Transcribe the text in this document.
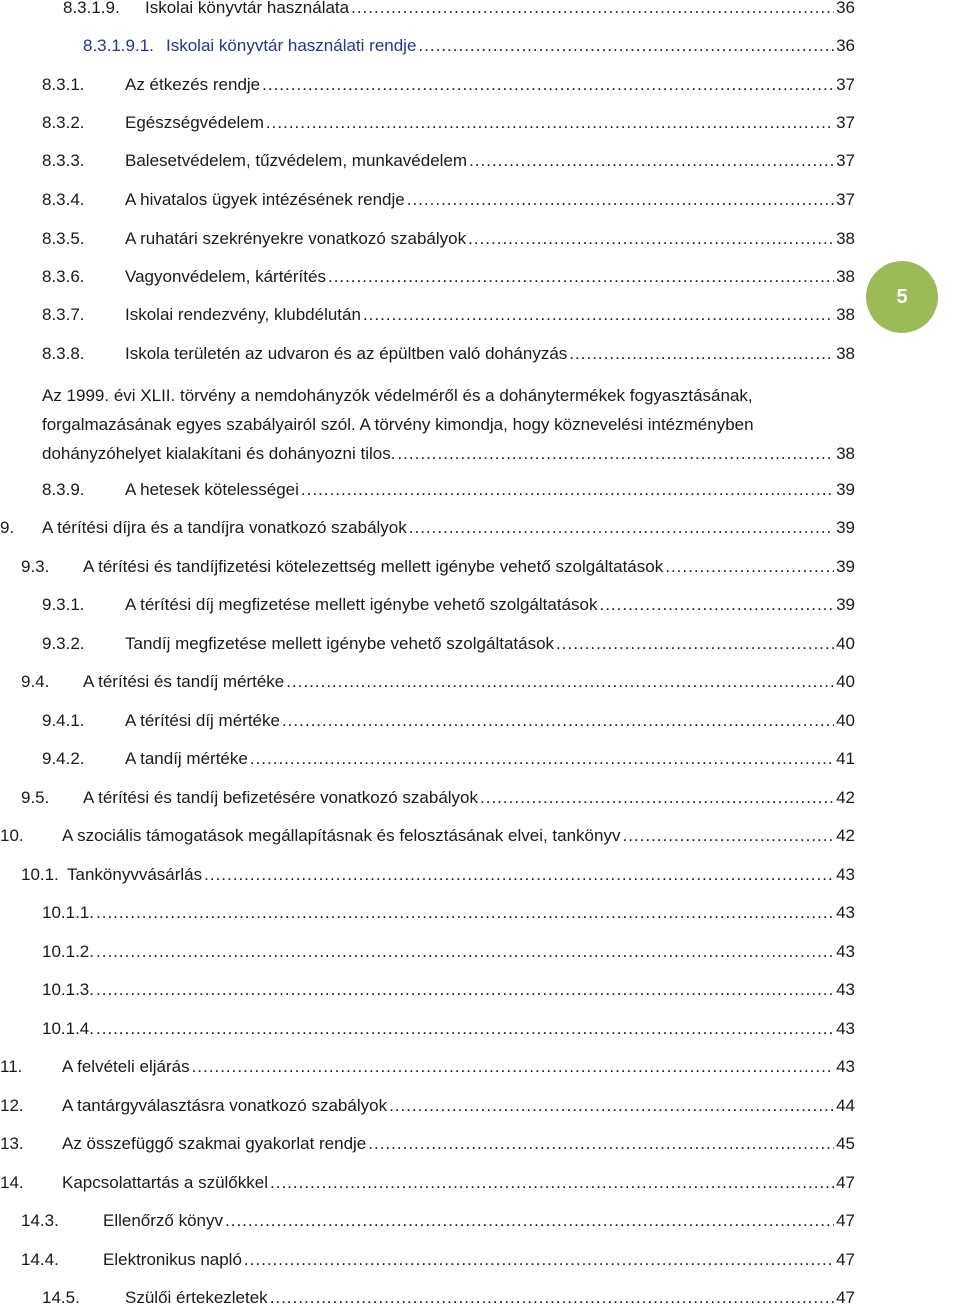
8.3.1.9.	Iskolai könyvtár használata .....	36
8.3.1.9.1. Iskolai könyvtár használati rendje .....	36
8.3.1.	Az étkezés rendje .....	37
8.3.2.	Egészségvédelem .....	37
8.3.3.	Balesetvédelem, tűzvédelem, munkavédelem .....	37
8.3.4.	A hivatalos ügyek intézésének rendje .....	37
8.3.5.	A ruhatári szekrényekre vonatkozó szabályok .....	38
8.3.6.	Vagyonvédelem, kártérítés .....	38
8.3.7.	Iskolai rendezvény, klubdélután .....	38
8.3.8.	Iskola területén az udvaron és az épültben való dohányzás .....	38
Az 1999. évi XLII. törvény a nemdohányzók védelméről és a dohánytermékek fogyasztásának,
forgalmazásának egyes szabályairól szól. A törvény kimondja, hogy köznevelési intézményben
dohányzóhelyet kialakítani és dohányozni tilos. .....	38
8.3.9.	A hetesek kötelességei .....	39
9.	A térítési díjra és a tandíjra vonatkozó szabályok .....	39
9.3.	A térítési és tandíjfizetési kötelezettség mellett igénybe vehető szolgáltatások .....	39
9.3.1.	A térítési díj megfizetése mellett igénybe vehető szolgáltatások .....	39
9.3.2.	Tandíj megfizetése mellett igénybe vehető szolgáltatások .....	40
9.4.	A térítési és tandíj mértéke .....	40
9.4.1.	A térítési díj mértéke .....	40
9.4.2.	A tandíj mértéke .....	41
9.5.	A térítési és tandíj befizetésére vonatkozó szabályok .....	42
10.	A szociális támogatások megállapításnak és felosztásának elvei, tankönyv .....	42
10.1. Tankönyvvásárlás .....	43
10.1.1. .....	43
10.1.2. .....	43
10.1.3. .....	43
10.1.4. .....	43
11.	A felvételi eljárás .....	43
12.	A tantárgyválasztásra vonatkozó szabályok .....	44
13.	Az összefüggő szakmai gyakorlat rendje .....	45
14.	Kapcsolattartás a szülőkkel .....	47
14.3.	Ellenőrző könyv .....	47
14.4.	Elektronikus napló .....	47
14.5.	Szülői értekezletek .....	47
5
